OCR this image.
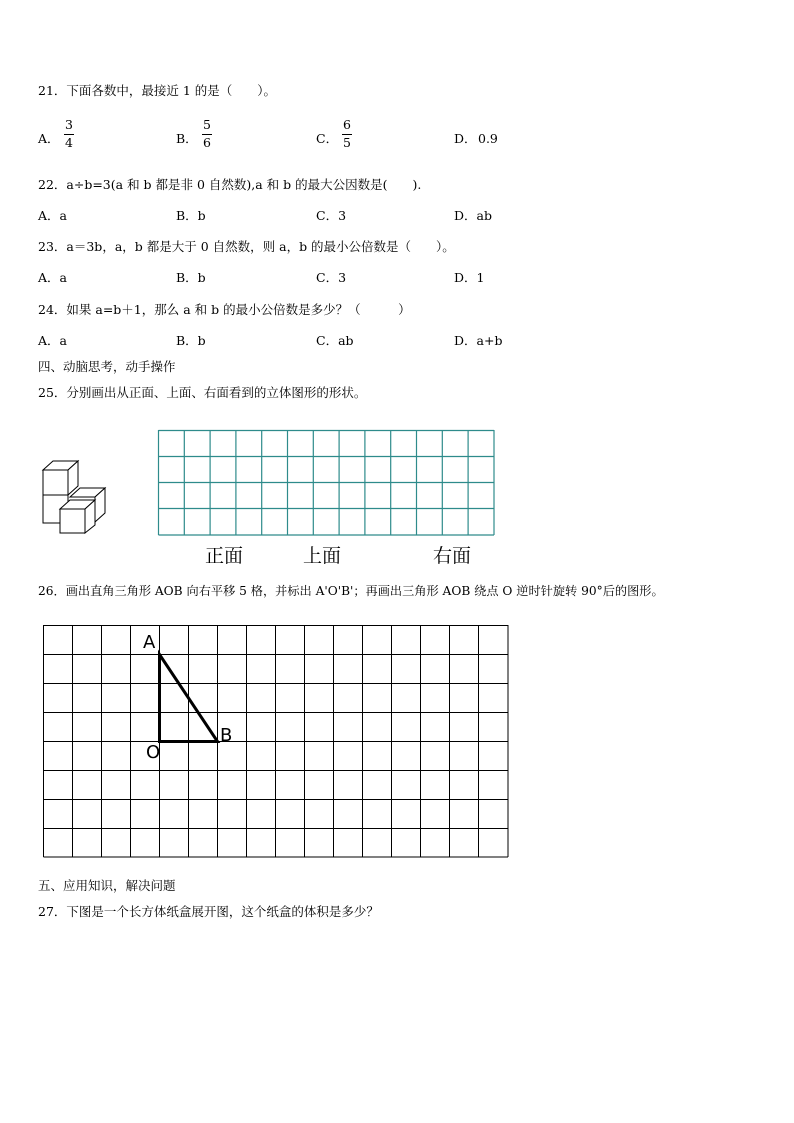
21．下面各数中，最接近 1 的是（　　）。
A．
3
4	B．
5
6	C．
6
5	D． 0.9
22．a÷b=3(a 和 b 都是非 0 自然数),a 和 b 的最大公因数是(　　).
A．a	B．b	C．3	D．ab
23．a＝3b，a，b 都是大于 0 自然数，则 a，b 的最小公倍数是（　　）。
A．a	B．b	C．3	D．1
24．如果 a=b＋1，那么 a 和 b 的最小公倍数是多少？（　　　）
A．a	B．b	C．ab	D．a+b
四、动脑思考，动手操作
25．分别画出从正面、上面、右面看到的立体图形的形状。
正面	上面	右面
26．画出直角三角形 AOB 向右平移 5 格，并标出 A'O'B'；再画出三角形 AOB 绕点 O 逆时针旋转 90°后的图形。
A
O
B
五、应用知识，解决问题
27．下图是一个长方体纸盒展开图，这个纸盒的体积是多少？
